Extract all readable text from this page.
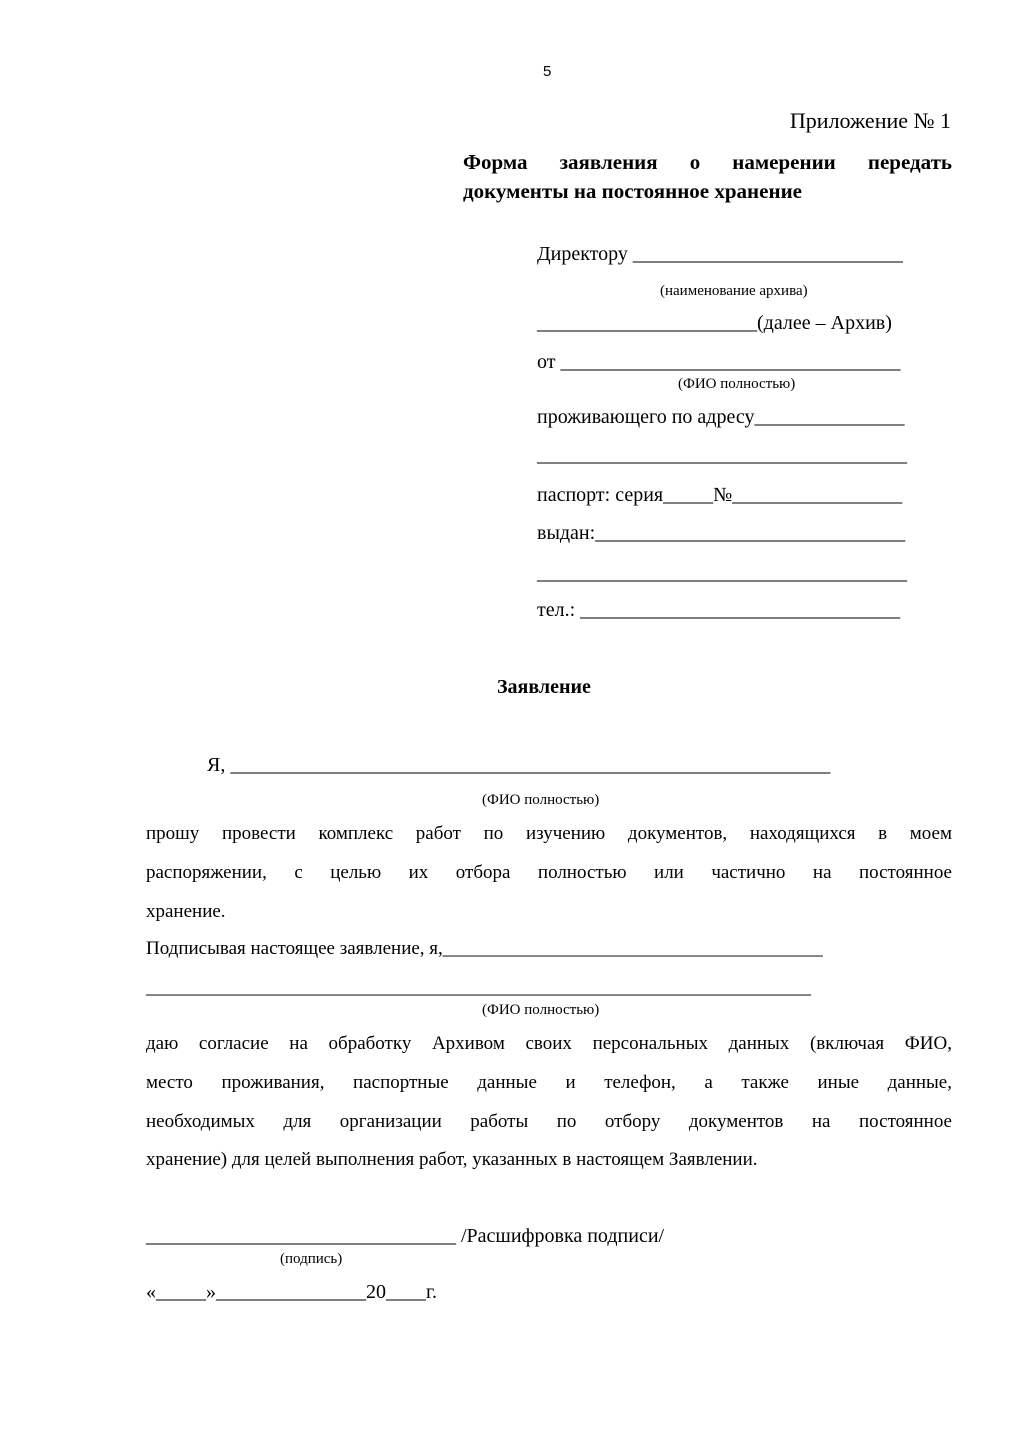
5
Приложение № 1
Форма заявления о намерении передать
документы на постоянное хранение
Директору ___________________________
(наименование архива)
______________________(далее – Архив)
от __________________________________
(ФИО полностью)
проживающего по адресу_______________
_____________________________________
паспорт: серия_____№_________________
выдан:_______________________________
_____________________________________
тел.: ________________________________
Заявление
Я, ____________________________________________________________
(ФИО полностью)
прошу провести комплекс работ по изучению документов, находящихся в моем
распоряжении, с целью их отбора полностью или частично на постоянное
хранение.
Подписывая настоящее заявление, я,________________________________________
______________________________________________________________________
(ФИО полностью)
даю согласие на обработку Архивом своих персональных данных (включая ФИО,
место проживания, паспортные данные и телефон, а также иные данные,
необходимых для организации работы по отбору документов на постоянное
хранение) для целей выполнения работ, указанных в настоящем Заявлении.
_______________________________ /Расшифровка подписи/
(подпись)
«_____»_______________20____г.
